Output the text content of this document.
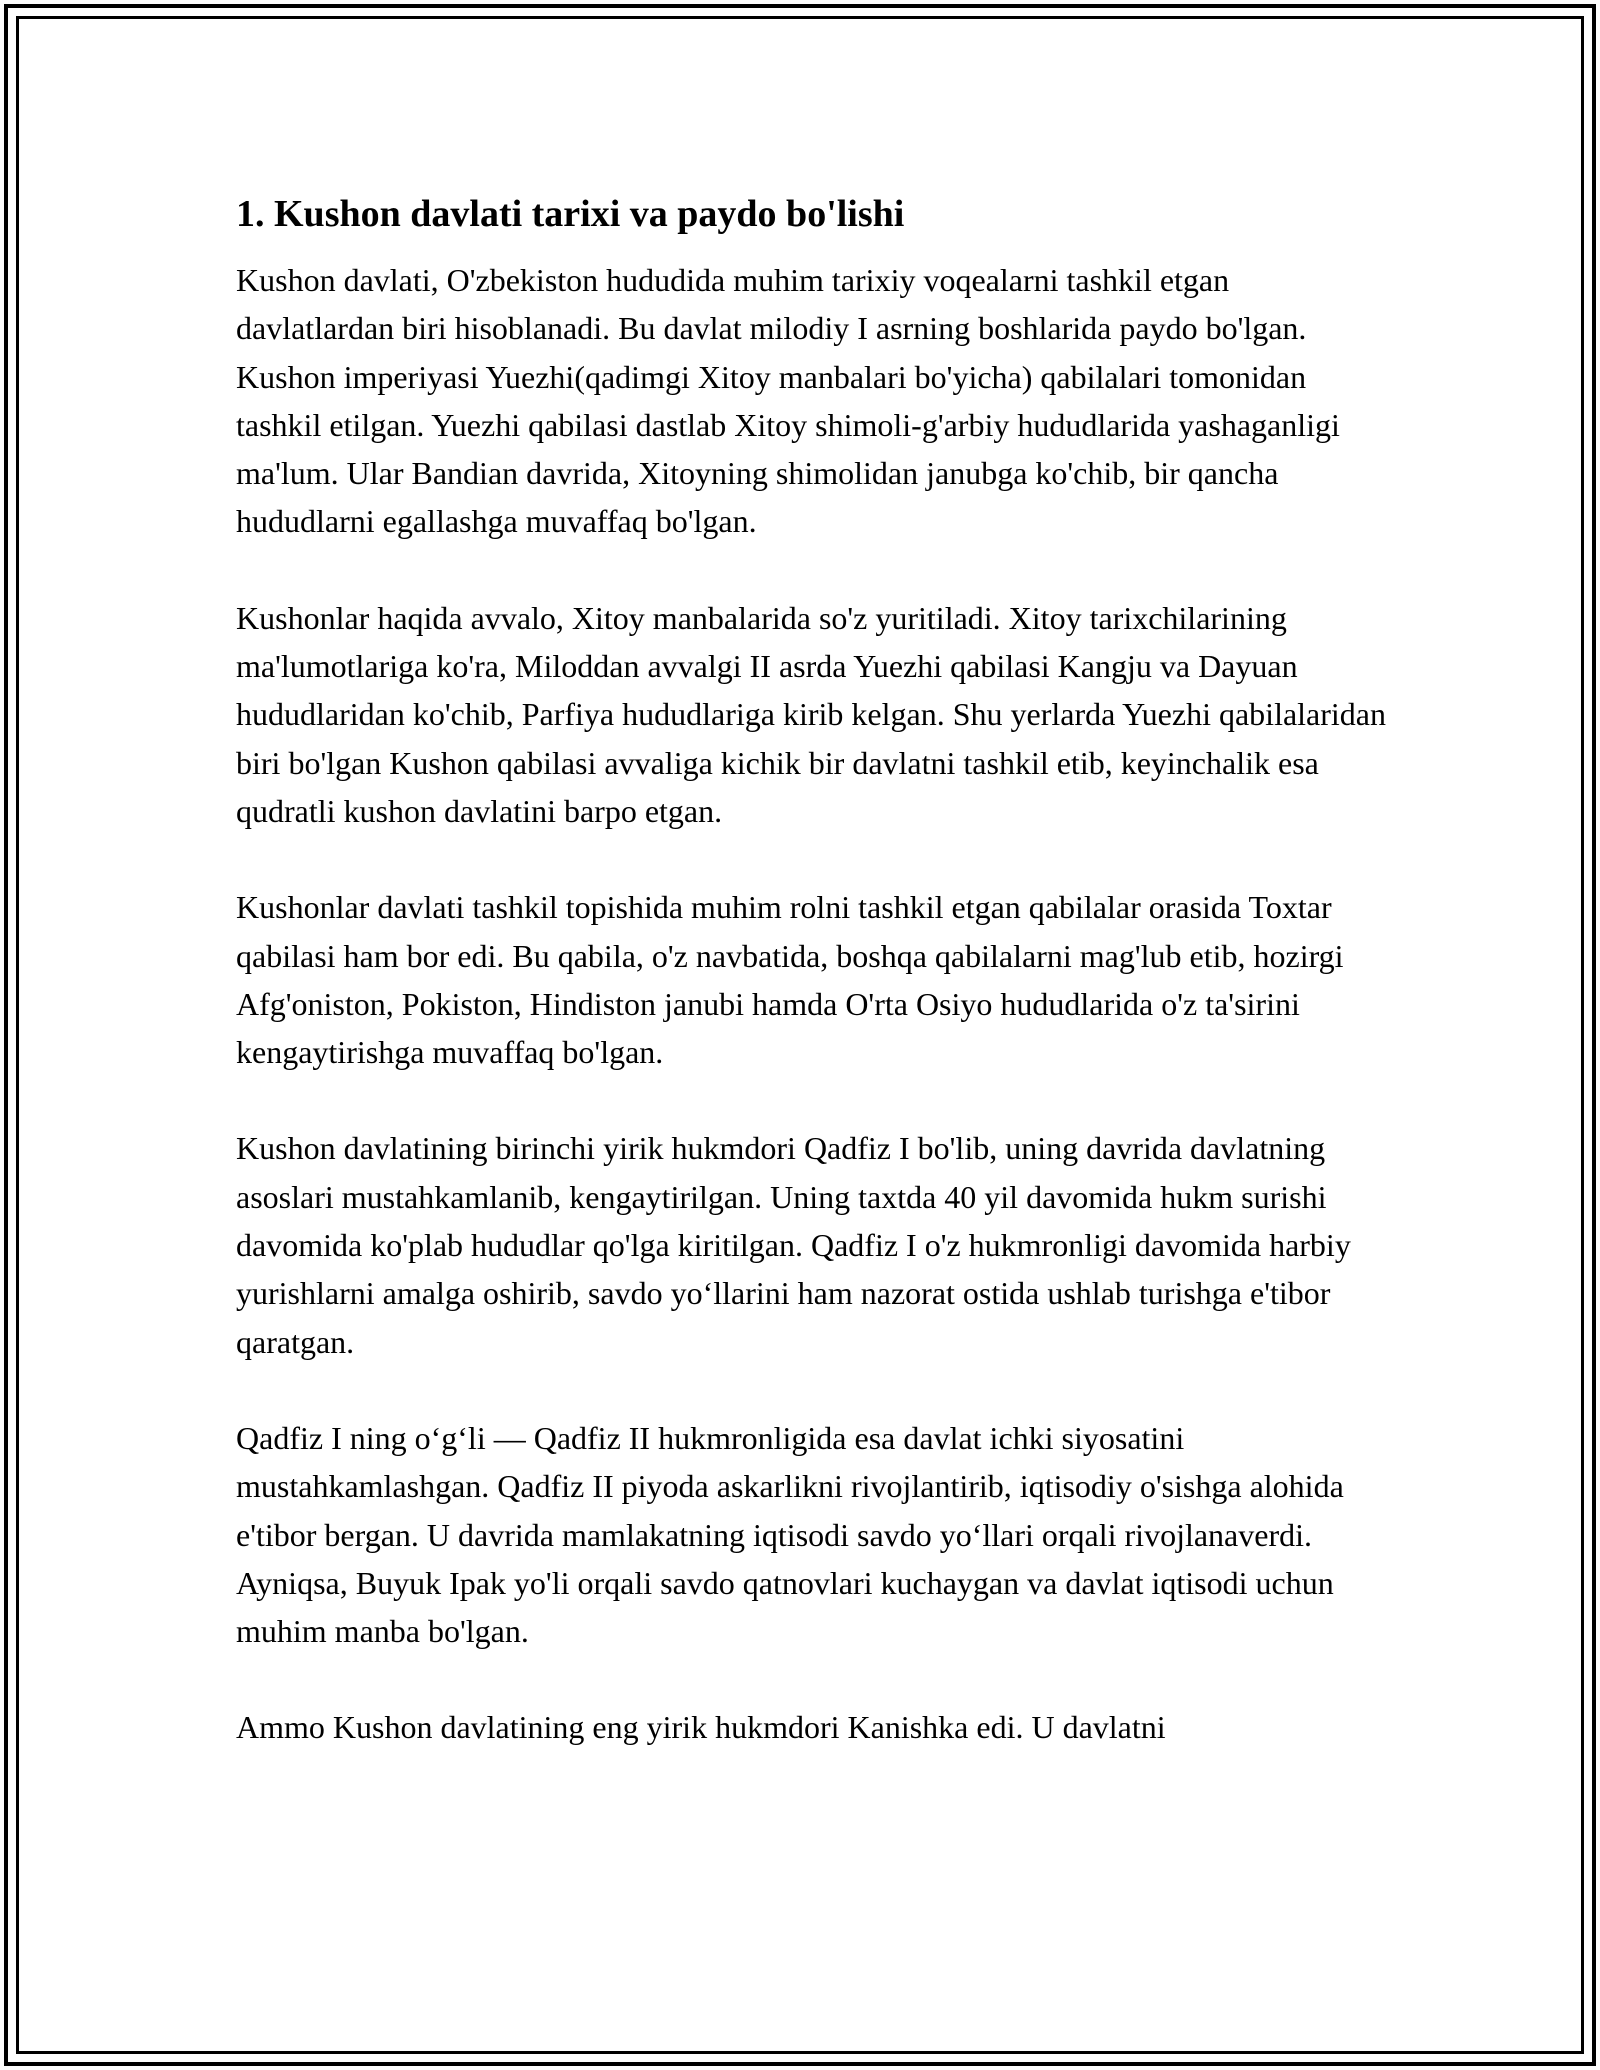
1. Kushon davlati tarixi va paydo bo'lishi

Kushon davlati, O'zbekiston hududida muhim tarixiy voqealarni tashkil etgan davlatlardan biri hisoblanadi. Bu davlat milodiy I asrning boshlarida paydo bo'lgan. Kushon imperiyasi Yuezhi(qadimgi Xitoy manbalari bo'yicha) qabilalari tomonidan tashkil etilgan. Yuezhi qabilasi dastlab Xitoy shimoli-g'arbiy hududlarida yashaganligi ma'lum. Ular Bandian davrida, Xitoyning shimolidan janubga ko'chib, bir qancha hududlarni egallashga muvaffaq bo'lgan.

Kushonlar haqida avvalo, Xitoy manbalarida so'z yuritiladi. Xitoy tarixchilarining ma'lumotlariga ko'ra, Miloddan avvalgi II asrda Yuezhi qabilasi Kangju va Dayuan hududlaridan ko'chib, Parfiya hududlariga kirib kelgan. Shu yerlarda Yuezhi qabilalaridan biri bo'lgan Kushon qabilasi avvaliga kichik bir davlatni tashkil etib, keyinchalik esa qudratli kushon davlatini barpo etgan.

Kushonlar davlati tashkil topishida muhim rolni tashkil etgan qabilalar orasida Toxtar qabilasi ham bor edi. Bu qabila, o'z navbatida, boshqa qabilalarni mag'lub etib, hozirgi Afg'oniston, Pokiston, Hindiston janubi hamda O'rta Osiyo hududlarida o'z ta'sirini kengaytirishga muvaffaq bo'lgan.

Kushon davlatining birinchi yirik hukmdori Qadfiz I bo'lib, uning davrida davlatning asoslari mustahkamlanib, kengaytirilgan. Uning taxtda 40 yil davomida hukm surishi davomida ko'plab hududlar qo'lga kiritilgan. Qadfiz I o'z hukmronligi davomida harbiy yurishlarni amalga oshirib, savdo yo‘llarini ham nazorat ostida ushlab turishga e'tibor qaratgan.

Qadfiz I ning o‘g‘li — Qadfiz II hukmronligida esa davlat ichki siyosatini mustahkamlashgan. Qadfiz II piyoda askarlikni rivojlantirib, iqtisodiy o'sishga alohida e'tibor bergan. U davrida mamlakatning iqtisodi savdo yo‘llari orqali rivojlanaverdi. Ayniqsa, Buyuk Ipak yo'li orqali savdo qatnovlari kuchaygan va davlat iqtisodi uchun muhim manba bo'lgan.

Ammo Kushon davlatining eng yirik hukmdori Kanishka edi. U davlatni
